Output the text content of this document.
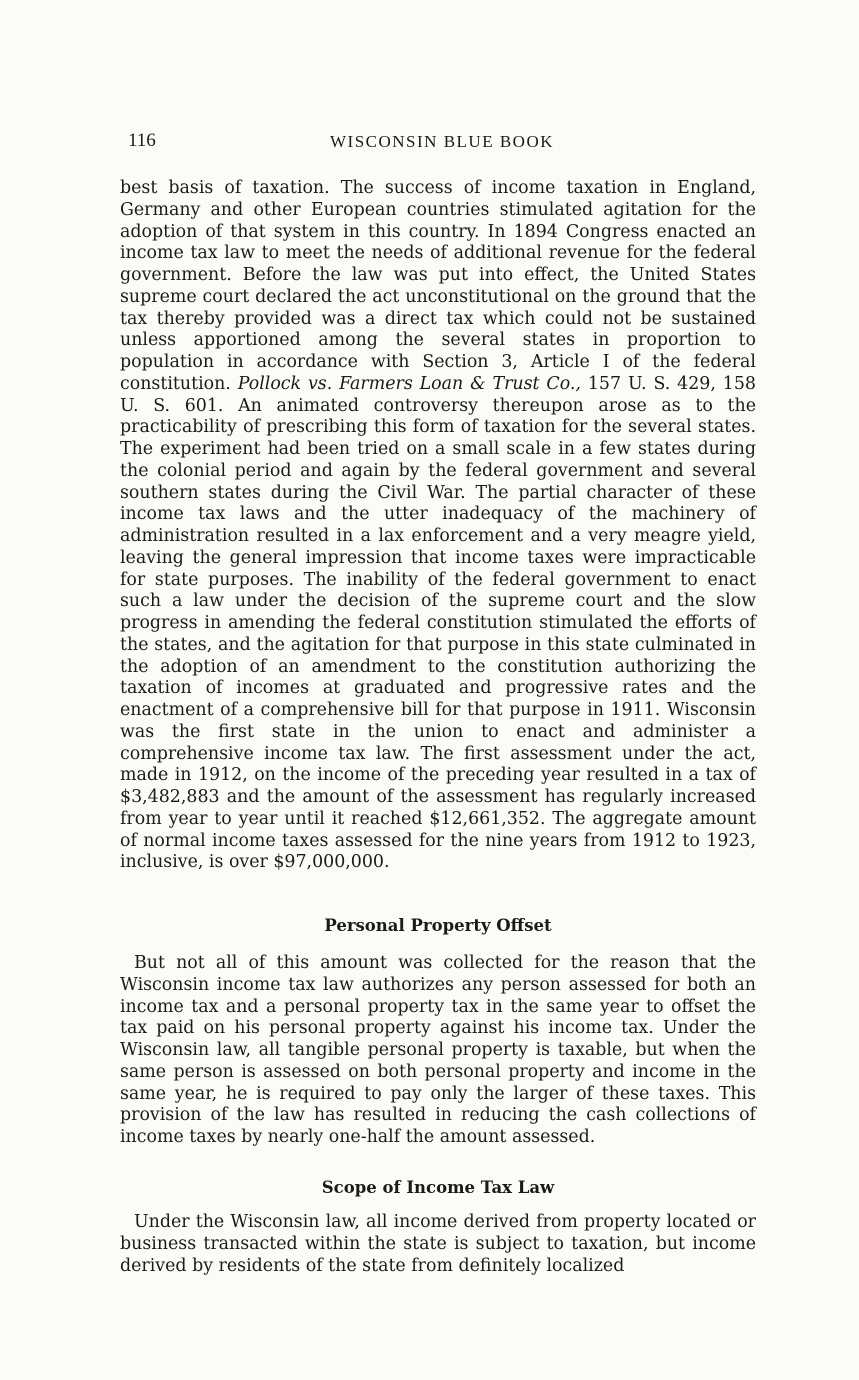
116	WISCONSIN BLUE BOOK

best basis of taxation. The success of income taxation in England, Germany and other European countries stimulated agitation for the adoption of that system in this country. In 1894 Congress enacted an income tax law to meet the needs of additional revenue for the federal government. Before the law was put into effect, the United States supreme court declared the act unconstitutional on the ground that the tax thereby provided was a direct tax which could not be sustained unless apportioned among the several states in proportion to population in accordance with Section 3, Article I of the federal constitution. Pollock vs. Farmers Loan & Trust Co., 157 U. S. 429, 158 U. S. 601. An animated controversy thereupon arose as to the practicability of prescribing this form of taxation for the several states. The experiment had been tried on a small scale in a few states during the colonial period and again by the federal government and several southern states during the Civil War. The partial character of these income tax laws and the utter inadequacy of the machinery of administration resulted in a lax enforcement and a very meagre yield, leaving the general impression that income taxes were impracticable for state purposes. The inability of the federal government to enact such a law under the decision of the supreme court and the slow progress in amending the federal constitution stimulated the efforts of the states, and the agitation for that purpose in this state culminated in the adoption of an amendment to the constitution authorizing the taxation of incomes at graduated and progressive rates and the enactment of a comprehensive bill for that purpose in 1911. Wisconsin was the first state in the union to enact and administer a comprehensive income tax law. The first assessment under the act, made in 1912, on the income of the preceding year resulted in a tax of $3,482,883 and the amount of the assessment has regularly increased from year to year until it reached $12,661,352. The aggregate amount of normal income taxes assessed for the nine years from 1912 to 1923, inclusive, is over $97,000,000.

Personal Property Offset

But not all of this amount was collected for the reason that the Wisconsin income tax law authorizes any person assessed for both an income tax and a personal property tax in the same year to offset the tax paid on his personal property against his income tax. Under the Wisconsin law, all tangible personal property is taxable, but when the same person is assessed on both personal property and income in the same year, he is required to pay only the larger of these taxes. This provision of the law has resulted in reducing the cash collections of income taxes by nearly one-half the amount assessed.

Scope of Income Tax Law

Under the Wisconsin law, all income derived from property located or business transacted within the state is subject to taxation, but income derived by residents of the state from definitely localized
